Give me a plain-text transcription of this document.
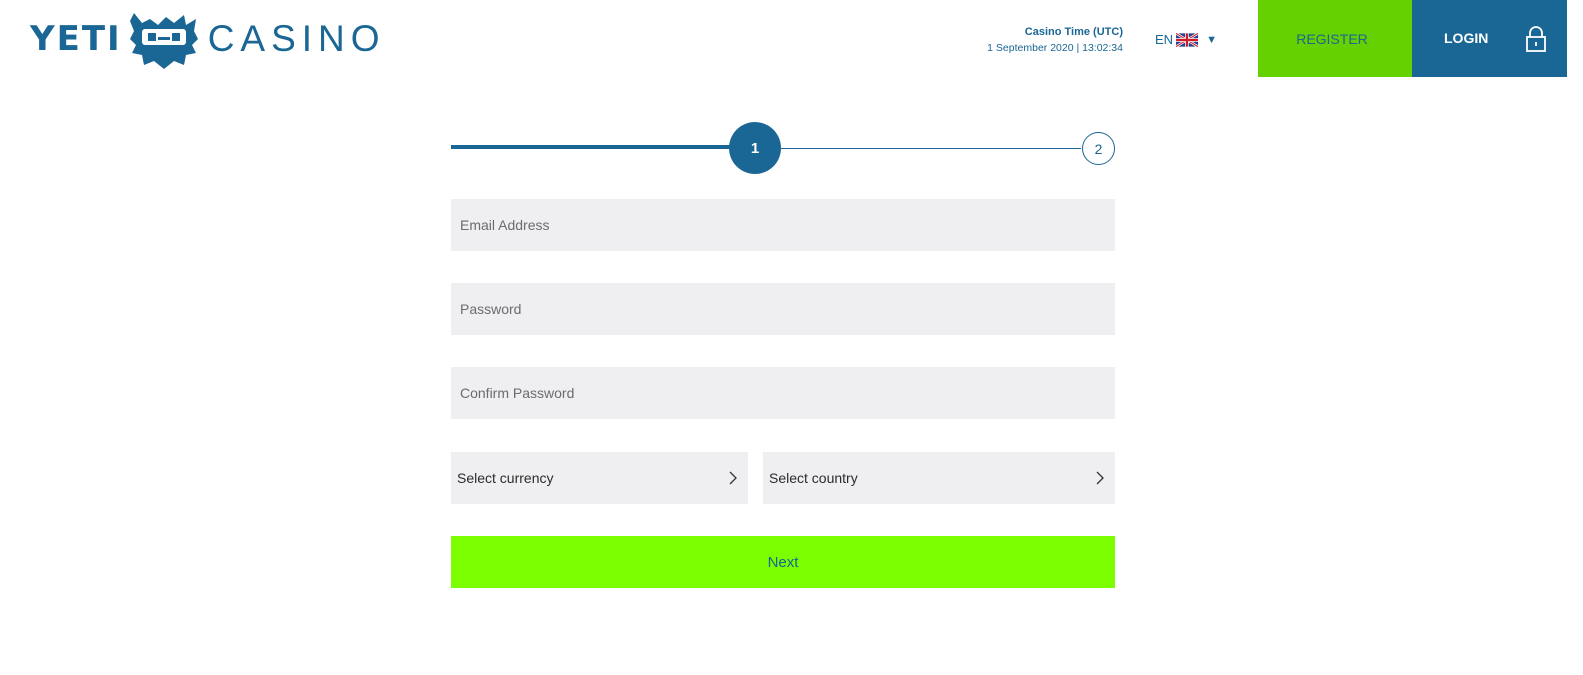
YETI CASINO	Casino Time (UTC)
1 September 2020 | 13:02:34
EN	▼	REGISTER	LOGIN
1	2
Email Address
Select currency	Select country
Next
